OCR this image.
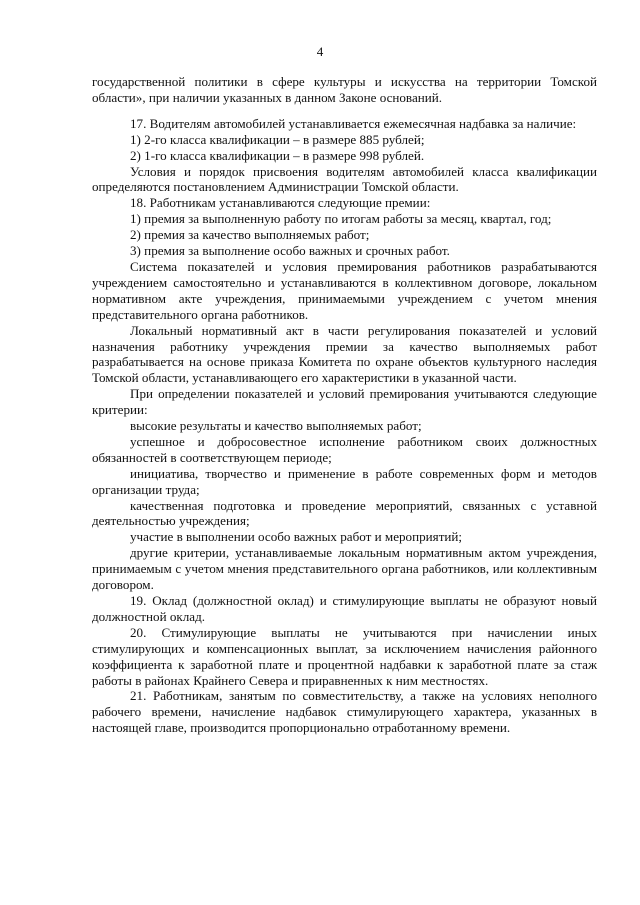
4

государственной политики в сфере культуры и искусства на территории Томской области», при наличии указанных в данном Законе оснований.

17. Водителям автомобилей устанавливается ежемесячная надбавка за наличие:

1) 2-го класса квалификации – в размере 885 рублей;

2) 1-го класса квалификации – в размере 998 рублей.

Условия и порядок присвоения водителям автомобилей класса квалификации определяются постановлением Администрации Томской области.

18. Работникам устанавливаются следующие премии:

1) премия за выполненную работу по итогам работы за месяц, квартал, год;

2) премия за качество выполняемых работ;

3) премия за выполнение особо важных и срочных работ.

Система показателей и условия премирования работников разрабатываются учреждением самостоятельно и устанавливаются в коллективном договоре, локальном нормативном акте учреждения, принимаемыми учреждением с учетом мнения представительного органа работников.

Локальный нормативный акт в части регулирования показателей и условий назначения работнику учреждения премии за качество выполняемых работ разрабатывается на основе приказа Комитета по охране объектов культурного наследия Томской области, устанавливающего его характеристики в указанной части.

При определении показателей и условий премирования учитываются следующие критерии:

высокие результаты и качество выполняемых работ;

успешное и добросовестное исполнение работником своих должностных обязанностей в соответствующем периоде;

инициатива, творчество и применение в работе современных форм и методов организации труда;

качественная подготовка и проведение мероприятий, связанных с уставной деятельностью учреждения;

участие в выполнении особо важных работ и мероприятий;

другие критерии, устанавливаемые локальным нормативным актом учреждения, принимаемым с учетом мнения представительного органа работников, или коллективным договором.

19. Оклад (должностной оклад) и стимулирующие выплаты не образуют новый должностной оклад.

20. Стимулирующие выплаты не учитываются при начислении иных стимулирующих и компенсационных выплат, за исключением начисления районного коэффициента к заработной плате и процентной надбавки к заработной плате за стаж работы в районах Крайнего Севера и приравненных к ним местностях.

21. Работникам, занятым по совместительству, а также на условиях неполного рабочего времени, начисление надбавок стимулирующего характера, указанных в настоящей главе, производится пропорционально отработанному времени.
